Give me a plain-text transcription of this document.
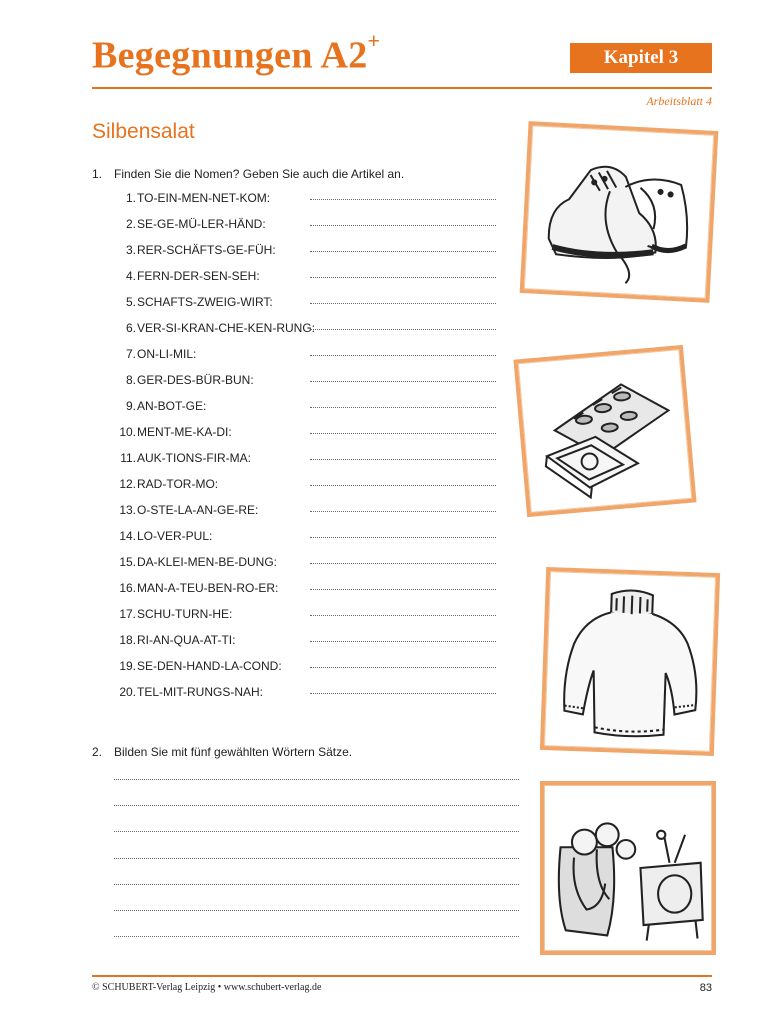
Begegnungen A2+
Kapitel 3
Arbeitsblatt 4
Silbensalat
1. Finden Sie die Nomen? Geben Sie auch die Artikel an.
1. TO-EIN-MEN-NET-KOM:
2. SE-GE-MÜ-LER-HÄND:
3. RER-SCHÄFTS-GE-FÜH:
4. FERN-DER-SEN-SEH:
5. SCHAFTS-ZWEIG-WIRT:
6. VER-SI-KRAN-CHE-KEN-RUNG:
7. ON-LI-MIL:
8. GER-DES-BÜR-BUN:
9. AN-BOT-GE:
10. MENT-ME-KA-DI:
11. AUK-TIONS-FIR-MA:
12. RAD-TOR-MO:
13. O-STE-LA-AN-GE-RE:
14. LO-VER-PUL:
15. DA-KLEI-MEN-BE-DUNG:
16. MAN-A-TEU-BEN-RO-ER:
17. SCHU-TURN-HE:
18. RI-AN-QUA-AT-TI:
19. SE-DEN-HAND-LA-COND:
20. TEL-MIT-RUNGS-NAH:
2. Bilden Sie mit fünf gewählten Wörtern Sätze.
© SCHUBERT-Verlag Leipzig • www.schubert-verlag.de	83
